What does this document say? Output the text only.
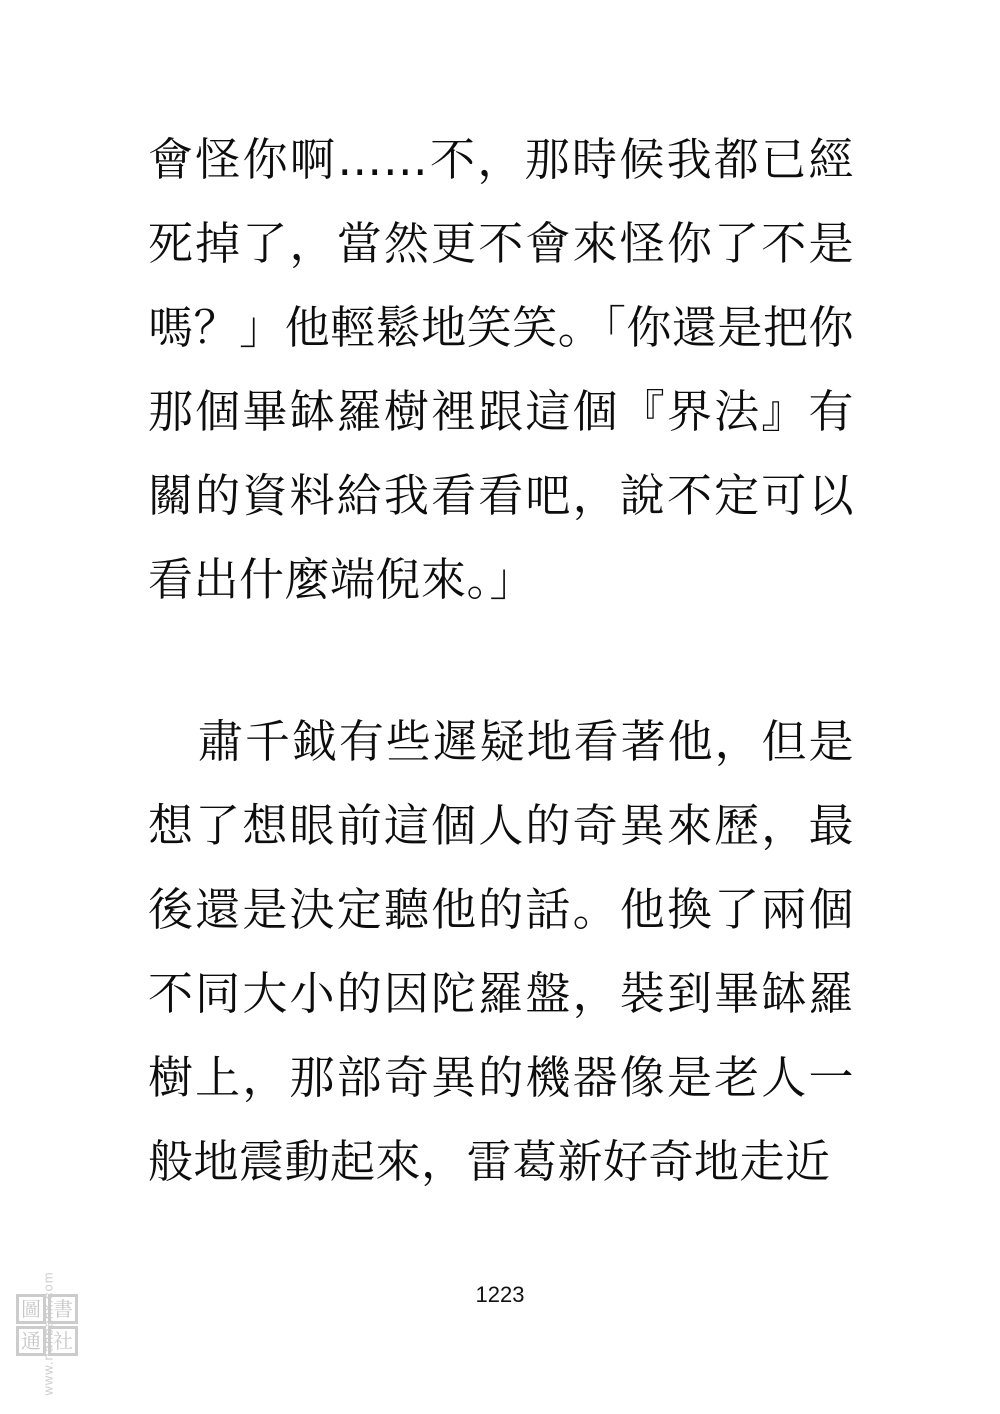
會怪你啊……不，那時候我都已經死掉了，當然更不會來怪你了不是嗎？」他輕鬆地笑笑。「你還是把你那個畢缽羅樹裡跟這個『界法』有關的資料給我看看吧，說不定可以看出什麼端倪來。」

肅千鉞有些遲疑地看著他，但是想了想眼前這個人的奇異來歷，最後還是決定聽他的話。他換了兩個不同大小的因陀羅盤，裝到畢缽羅樹上，那部奇異的機器像是老人一般地震動起來，雷葛新好奇地走近

1223
圖 書
通 社
www.nanbanx.com
